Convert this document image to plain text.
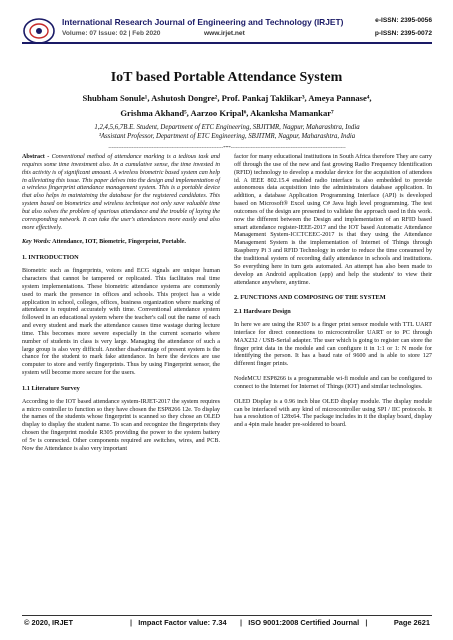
International Research Journal of Engineering and Technology (IRJET)
Volume: 07 Issue: 02 | Feb 2020	www.irjet.net
e-ISSN: 2395-0056
p-ISSN: 2395-0072
IoT based Portable Attendance System
Shubham Sonule¹, Ashutosh Dongre², Prof. Pankaj Taklikar³, Ameya Pannase⁴,
Grishma Akhand⁵, Aarzoo Kripal⁶, Akanksha Mamankar⁷
1,2,4,5,6,7B.E. Student, Department of ETC Engineering, SBJITMR, Nagpur, Maharashtra, India
³Assistant Professor, Department of ETC Engineering, SBJITMR, Nagpur, Maharashtra, India
---------------------------------------------------------------------***---------------------------------------------------------------------

Abstract - Conventional method of attendance marking is a tedious task and requires some time investment also. In a cumulative sense, the time invested in this activity is of significant amount. A wireless biometric based system can help in alleviating this issue. This paper delves into the design and implementation of a wireless fingerprint attendance management system. This is a portable device that also helps in maintaining the database for the registered candidates. This system based on biometrics and wireless technique not only save valuable time but also solves the problem of spurious attendance and the trouble of laying the corresponding network. It can take the user's attendances more easily and also more effectively.

Key Words: Attendance, IOT, Biometric, Fingerprint, Portable.

1. INTRODUCTION

Biometric such as fingerprints, voices and ECG signals are unique human characters that cannot be tampered or replicated. This facilitates real time system implementations. These biometric attendance systems are commonly used to mark the presence in offices and schools. This project has a wide application in school, colleges, offices, business organization where marking of attendance is required accurately with time. Conventional attendance system followed in an educational system where the teacher's call out the name of each and every student and mark the attendance causes time wastage during lecture time. This becomes more severe especially in the current scenario where number of students in class is very large. Managing the attendance of such a large group is also very difficult. Another disadvantage of present system is the chance for the student to mark fake attendance. In here the devices are use computer to store and verify fingerprints. Thus by using Fingerprint sensor, the system will become more secure for the users.

1.1 Literature Survey

According to the IOT based attendance system-IRJET-2017 the system requires a micro controller to function so they have chosen the ESP8266 12e. To display the names of the students whose fingerprint is scanned so they chose an OLED display to display the student name. To scan and recognize the fingerprints they chosen the fingerprint module R305 providing the power to the system battery of 5v is connected. Other components required are switches, wires, and PCB. Now the Attendance is also very important

factor for many educational institutions in South Africa therefore They are carry off through the use of the new and fast growing Radio Frequency Identification (RFID) technology to develop a modular device for the acquisition of attendees id. A IEEE 802.15.4 enabled radio interface is also embedded to provide autonomous data acquisition into the administrators database application. In addition, a database Application Programming Interface (API) is developed based on Microsoft® Excel using C# Java high level programming. The test outcomes of the design are presented to validate the approach used in this work. now the different between the Design and implementation of an RFID based smart attendance register-IEEE-2017 and the IOT based Automatic Attendance Management System-ICCTCEEC-2017 is that they using the Attendance Management System is the implementation of Internet of Things through Raspberry Pi 3 and RFID Technology in order to reduce the time consumed by the traditional system of recording daily attendance in schools and institutions. So everything here in turn gets automated. An attempt has also been made to develop an Android application (app) and help the students' to view their attendance anywhere, anytime.

2. FUNCTIONS AND COMPOSING OF THE SYSTEM
2.1 Hardware Design

In here we are using the R307 is a finger print sensor module with TTL UART interface for direct connections to microcontroller UART or to PC through MAX232 / USB-Serial adapter. The user which is going to register can store the finger print data in the module and can configure it in 1:1 or 1: N mode for identifying the person. It has a baud rate of 9600 and is able to store 127 different finger prints.

NodeMCU ESP8266 is a programmable wi-fi module and can be configured to connect to the Internet for Internet of Things (IOT) and similar technologies.

OLED Display is a 0.96 inch blue OLED display module. The display module can be interfaced with any kind of microcontroller using SPI / IIC protocols. It has a resolution of 128x64. The package includes in it the display board, display and a 4pin male header pre-soldered to board.

© 2020, IRJET	| Impact Factor value: 7.34 | ISO 9001:2008 Certified Journal |	Page 2621
